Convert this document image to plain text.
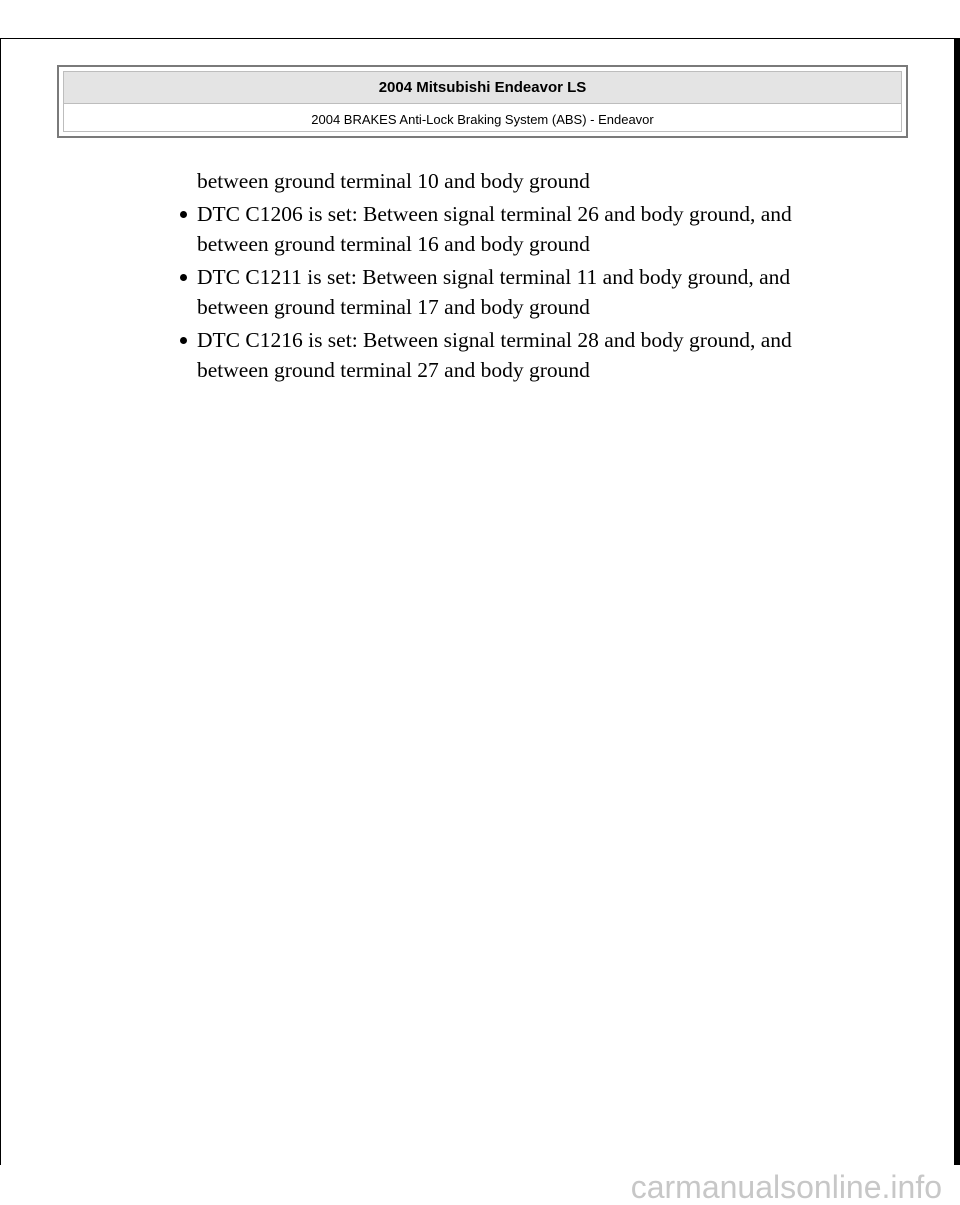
2004 Mitsubishi Endeavor LS
2004 BRAKES Anti-Lock Braking System (ABS) - Endeavor
between ground terminal 10 and body ground
DTC C1206 is set: Between signal terminal 26 and body ground, and
between ground terminal 16 and body ground
DTC C1211 is set: Between signal terminal 11 and body ground, and
between ground terminal 17 and body ground
DTC C1216 is set: Between signal terminal 28 and body ground, and
between ground terminal 27 and body ground
carmanualsonline.info
